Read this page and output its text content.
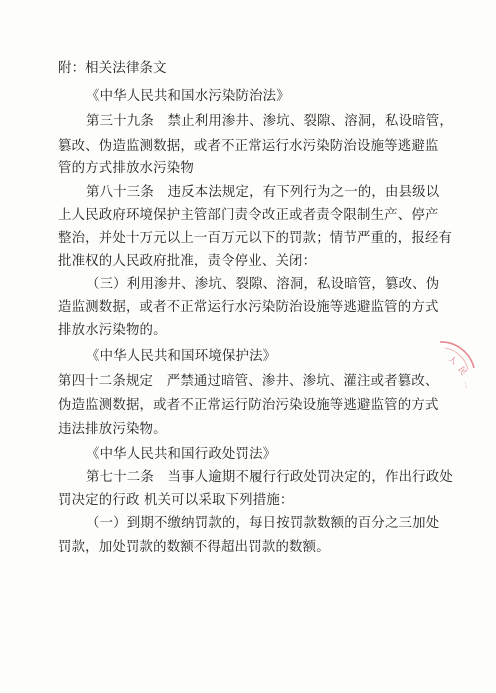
附：相关法律条文
《中华人民共和国水污染防治法》
第三十九条　禁止利用渗井、渗坑、裂隙、溶洞，私设暗管，
篡改、伪造监测数据，或者不正常运行水污染防治设施等逃避监
管的方式排放水污染物
第八十三条　违反本法规定，有下列行为之一的，由县级以
上人民政府环境保护主管部门责令改正或者责令限制生产、停产
整治，并处十万元以上一百万元以下的罚款；情节严重的，报经有
批准权的人民政府批准，责令停业、关闭：
（三）利用渗井、渗坑、裂隙、溶洞，私设暗管，篡改、伪
造监测数据，或者不正常运行水污染防治设施等逃避监管的方式
排放水污染物的。
《中华人民共和国环境保护法》
第四十二条规定　严禁通过暗管、渗井、渗坑、灌注或者篡改、
伪造监测数据，或者不正常运行防治污染设施等逃避监管的方式
违法排放污染物。
《中华人民共和国行政处罚法》
第七十二条　当事人逾期不履行行政处罚决定的，作出行政处
罚决定的行政 机关可以采取下列措施：
（一）到期不缴纳罚款的，每日按罚款数额的百分之三加处
罚款，加处罚款的数额不得超出罚款的数额。
人
民
…
